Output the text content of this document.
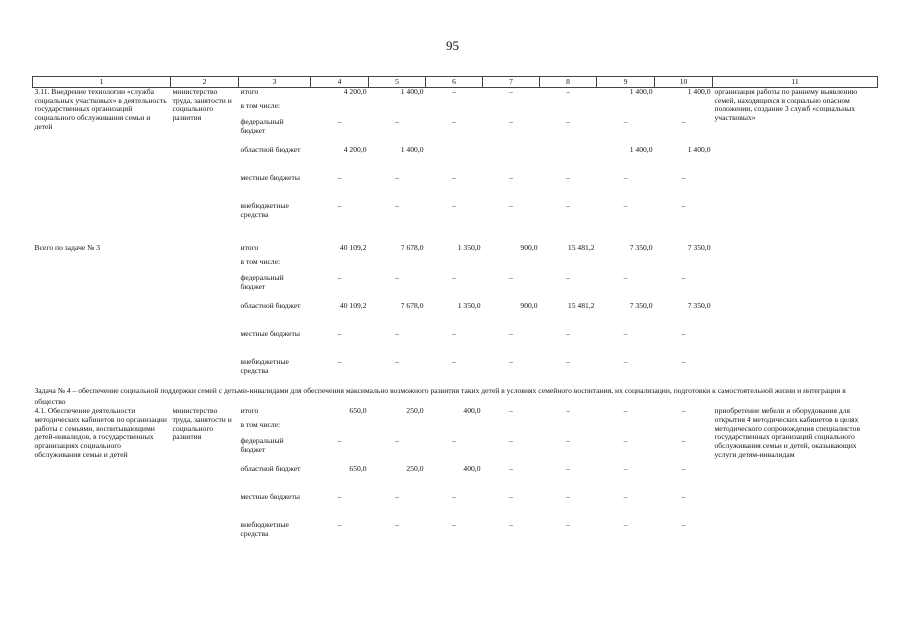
95
1	2	3	4	5	6	7	8	9	10	11
3.11. Внедрение технологии «служба социальных участковых» в деятельность государственных организаций социального обслуживания семьи и детей	министерство труда, занятости и социального развития	итого	4 200,0	1 400,0	–	–	–	1 400,0	1 400,0	организация работы по раннему выявлению семей, находящихся в социально опасном положении, создание 3 служб «социальных участковых»
		в том числе:								
		федеральный бюджет	–	–	–	–	–	–	–	
		областной бюджет	4 200,0	1 400,0				1 400,0	1 400,0	
		местные бюджеты	–	–	–	–	–	–	–	
		внебюджетные средства	–	–	–	–	–	–	–	

Всего по задаче № 3		итого	40 109,2	7 678,0	1 350,0	900,0	15 481,2	7 350,0	7 350,0	
		в том числе:								
		федеральный бюджет	–	–	–	–	–	–	–	
		областной бюджет	40 109,2	7 678,0	1 350,0	900,0	15 481,2	7 350,0	7 350,0	
		местные бюджеты	–	–	–	–	–	–	–	
		внебюджетные средства	–	–	–	–	–	–	–	
Задача № 4 – обеспечение социальной поддержки семей с детьми-инвалидами для обеспечения максимально возможного развития таких детей в условиях семейного воспитания, их социализации, подготовки к самостоятельной жизни и интеграции в общество										
4.1. Обеспечение деятельности методических кабинетов по организации работы с семьями, воспитывающими детей-инвалидов, в государственных организациях социального обслуживания семьи и детей	министерство труда, занятости и социального развития	итого	650,0	250,0	400,0	–	–	–	–	приобретение мебели и оборудования для открытия 4 методических кабинетов в целях методического сопровождения специалистов государственных организаций социального обслуживания семьи и детей, оказывающих услуги детям-инвалидам
		в том числе:								
		федеральный бюджет	–	–	–	–	–	–	–	
		областной бюджет	650,0	250,0	400,0	–	–	–	–	
		местные бюджеты	–	–	–	–	–	–	–	
		внебюджетные средства	–	–	–	–	–	–	–	
